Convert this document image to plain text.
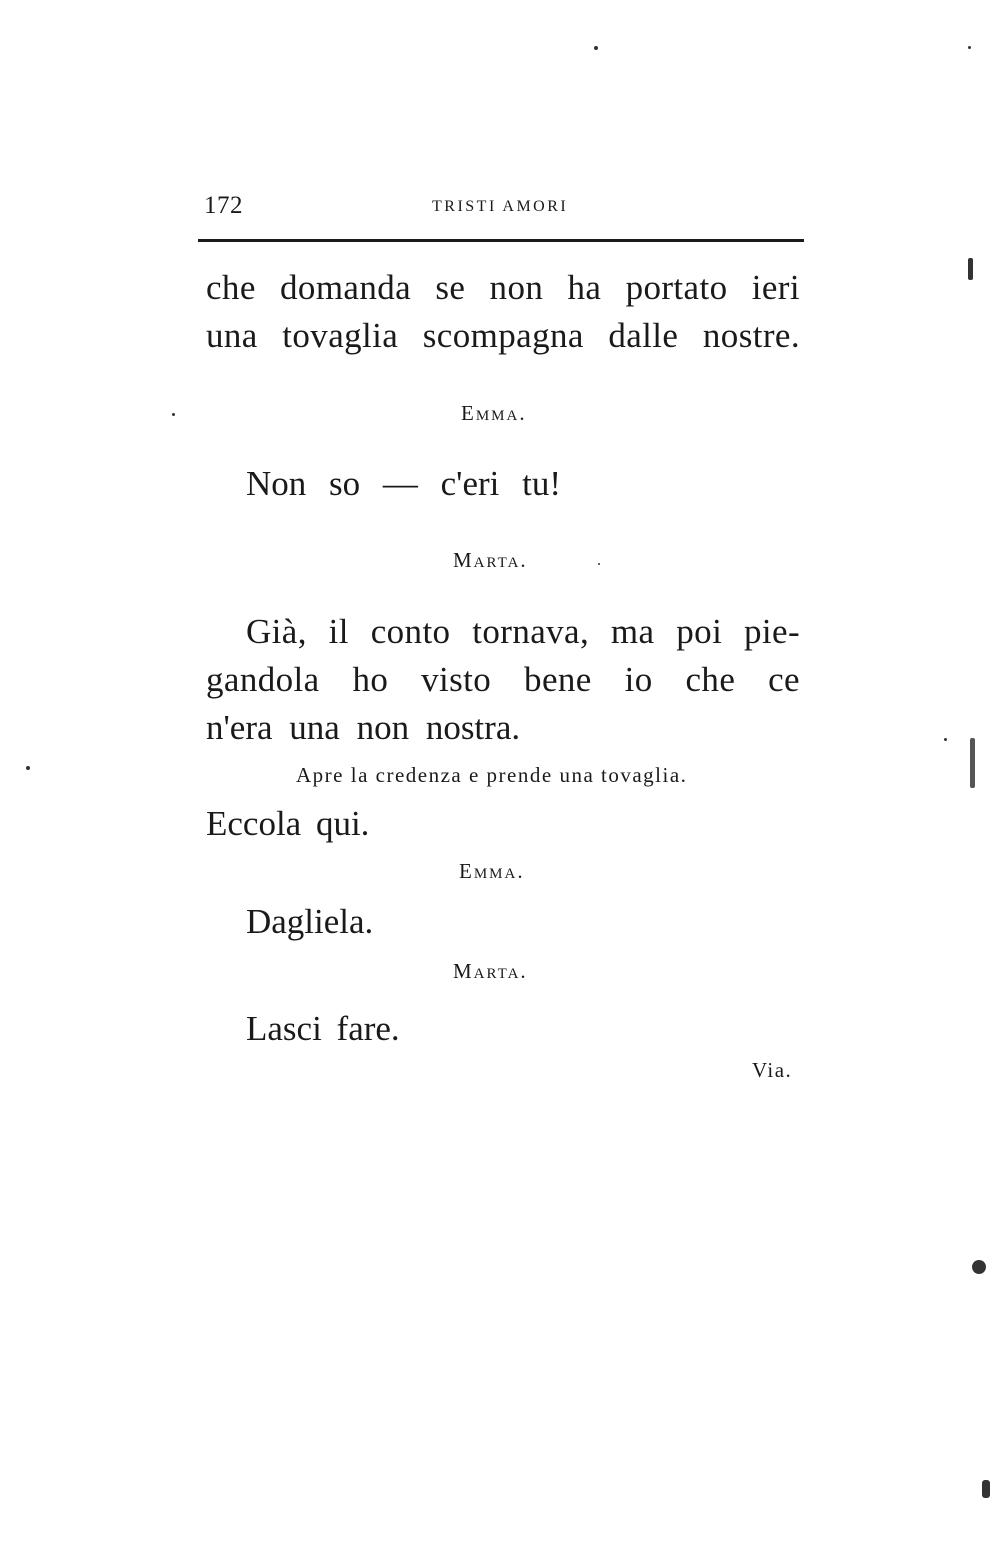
172	TRISTI AMORI
che domanda se non ha portato ieri
una tovaglia scompagna dalle nostre.
Emma.
Non so — c'eri tu!
Marta.
Già, il conto tornava, ma poi pie-
gandola ho visto bene io che ce
n'era una non nostra.
Apre la credenza e prende una tovaglia.
Eccola qui.
Emma.
Dagliela.
Marta.
Lasci fare.
Via.
